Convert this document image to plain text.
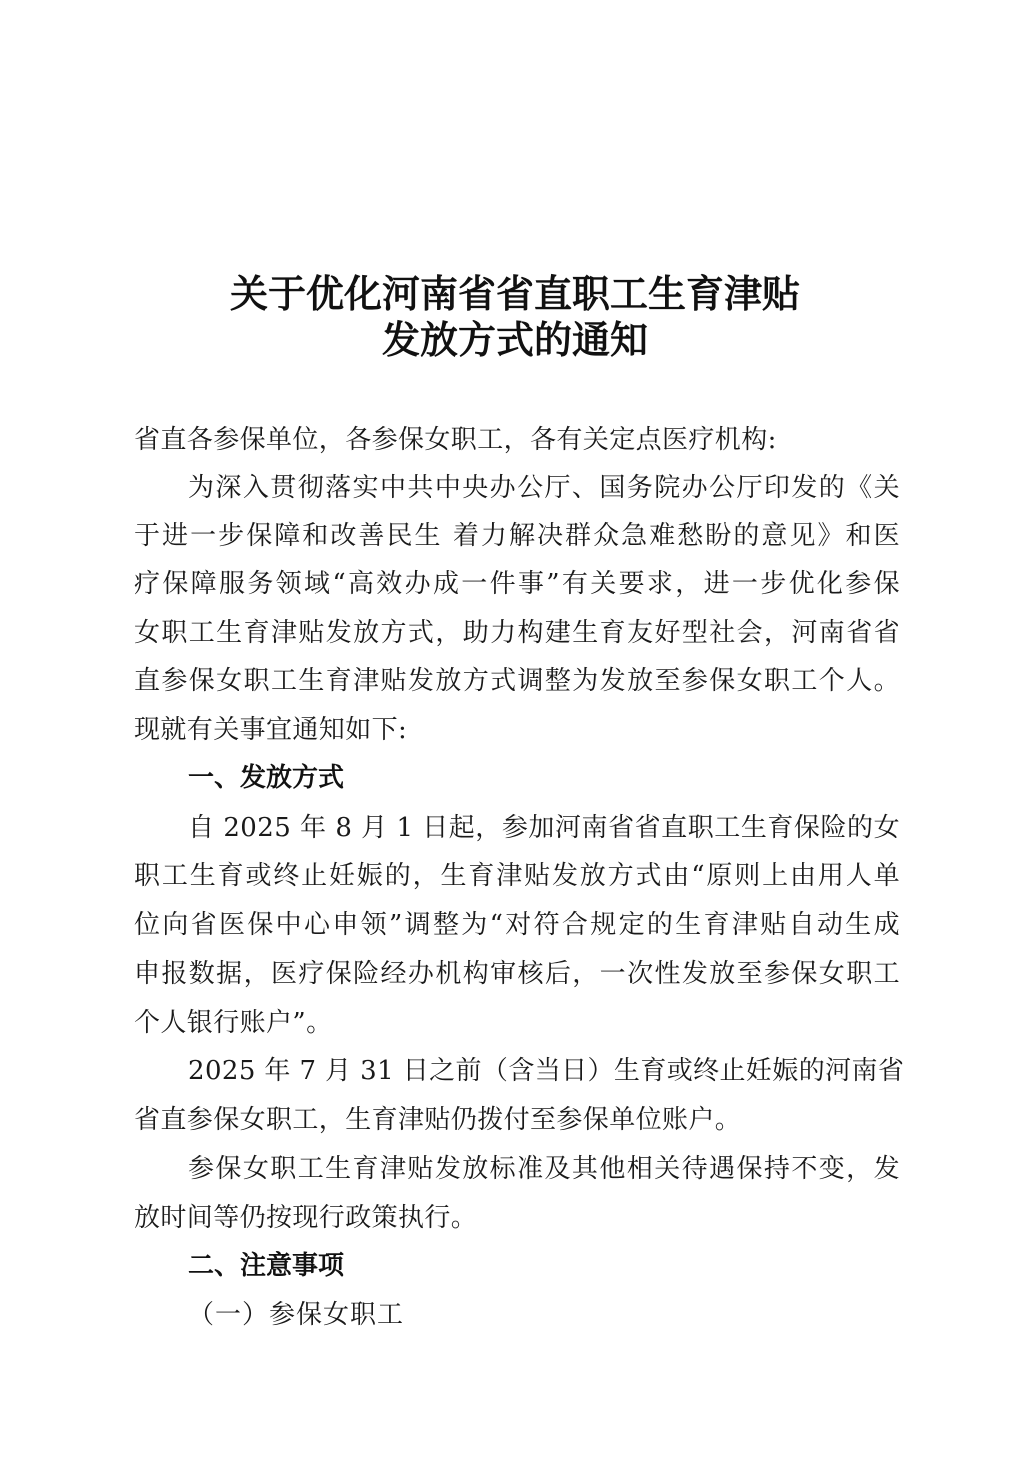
关于优化河南省省直职工生育津贴
发放方式的通知
省直各参保单位，各参保女职工，各有关定点医疗机构:
为深入贯彻落实中共中央办公厅、国务院办公厅印发的《关
于进一步保障和改善民生 着力解决群众急难愁盼的意见》和医
疗保障服务领域“高效办成一件事”有关要求，进一步优化参保
女职工生育津贴发放方式，助力构建生育友好型社会，河南省省
直参保女职工生育津贴发放方式调整为发放至参保女职工个人。
现就有关事宜通知如下:
一、发放方式
自 2025 年 8 月 1 日起，参加河南省省直职工生育保险的女
职工生育或终止妊娠的，生育津贴发放方式由“原则上由用人单
位向省医保中心申领”调整为“对符合规定的生育津贴自动生成
申报数据，医疗保险经办机构审核后，一次性发放至参保女职工
个人银行账户”。
2025 年 7 月 31 日之前（含当日）生育或终止妊娠的河南省
省直参保女职工，生育津贴仍拨付至参保单位账户。
参保女职工生育津贴发放标准及其他相关待遇保持不变，发
放时间等仍按现行政策执行。
二、注意事项
（一）参保女职工
